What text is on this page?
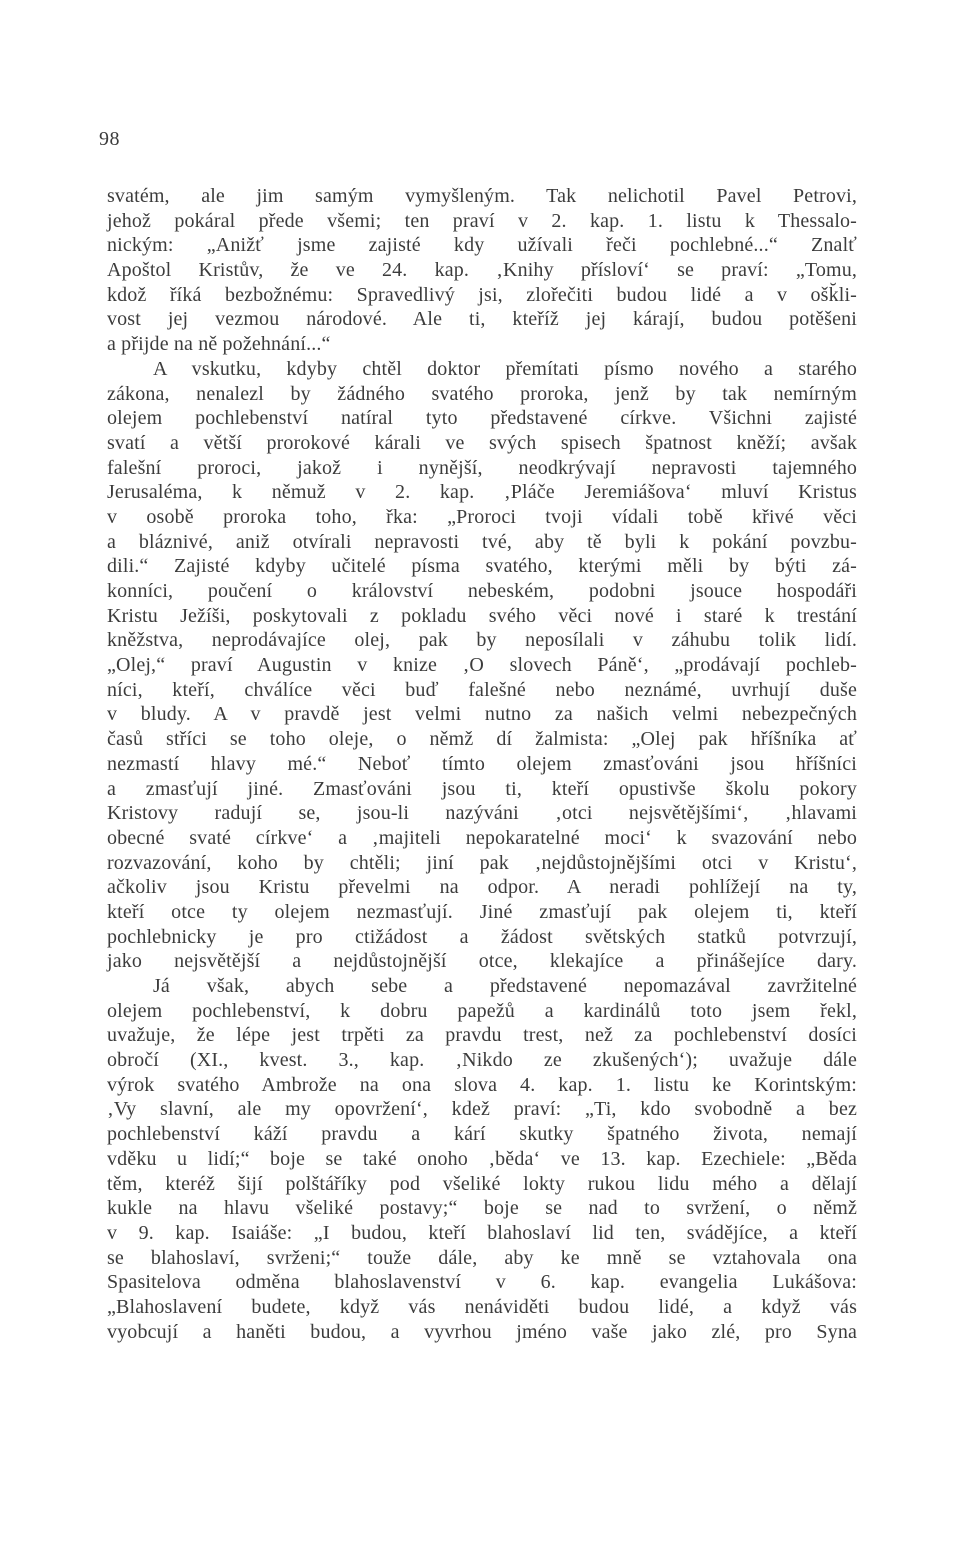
98
svatém, ale jim samým vymyšleným. Tak nelichotil Pavel Petrovi,
jehož pokáral přede všemi; ten praví v 2. kap. 1. listu k Thessalo-
nickým: „Anižť jsme zajisté kdy užívali řeči pochlebné...“ Znalť
Apoštol Kristův, že ve 24. kap. ‚Knihy přísloví‘ se praví: „Tomu,
kdož říká bezbožnému: Spravedlivý jsi, zlořečiti budou lidé a v ošk̆li-
vost jej vezmou národové. Ale ti, kteříž jej kárají, budou potěšeni
a přijde na ně požehnání...“
A vskutku, kdyby chtěl doktor přemítati písmo nového a starého
zákona, nenalezl by žádného svatého proroka, jenž by tak nemírným
olejem pochlebenství natíral tyto představené církve. Všichni zajisté
svatí a větší prorokové kárali ve svých spisech špatnost kněží; avšak
falešní proroci, jakož i nynější, neodkrývají nepravosti tajemného
Jerusaléma, k němuž v 2. kap. ‚Pláče Jeremiášova‘ mluví Kristus
v osobě proroka toho, řka: „Proroci tvoji vídali tobě křivé věci
a bláznivé, aniž otvírali nepravosti tvé, aby tě byli k pokání povzbu-
dili.“ Zajisté kdyby učitelé písma svatého, kterými měli by býti zá-
konníci, poučení o království nebeském, podobni jsouce hospodáři
Kristu Ježíši, poskytovali z pokladu svého věci nové i staré k trestání
kněžstva, neprodávajíce olej, pak by neposílali v záhubu tolik lidí.
„Olej,“ praví Augustin v knize ‚O slovech Páně‘, „prodávají pochleb-
níci, kteří, chválíce věci buď falešné nebo neznámé, uvrhují duše
v bludy. A v pravdě jest velmi nutno za našich velmi nebezpečných
časů stříci se toho oleje, o němž dí žalmista: „Olej pak hříšníka ať
nezmastí hlavy mé.“ Neboť tímto olejem zmasťováni jsou hříšníci
a zmasťují jiné. Zmasťováni jsou ti, kteří opustivše školu pokory
Kristovy radují se, jsou-li nazýváni ‚otci nejsvětějšími‘, ‚hlavami
obecné svaté církve‘ a ‚majiteli nepokaratelné moci‘ k svazování nebo
rozvazování, koho by chtěli; jiní pak ‚nejdůstojnějšími otci v Kristu‘,
ačkoliv jsou Kristu převelmi na odpor. A neradi pohlížejí na ty,
kteří otce ty olejem nezmasťují. Jiné zmasťují pak olejem ti, kteří
pochlebnicky je pro ctižádost a žádost světských statků potvrzují,
jako nejsvětější a nejdůstojnější otce, klekajíce a přinášejíce dary.
Já však, abych sebe a představené nepomazával zavržitelné
olejem pochlebenství, k dobru papežů a kardinálů toto jsem řekl,
uvažuje, že lépe jest trpěti za pravdu trest, než za pochlebenství dosíci
obročí (XI., kvest. 3., kap. ‚Nikdo ze zkušených‘); uvažuje dále
výrok svatého Ambrože na ona slova 4. kap. 1. listu ke Korintským:
‚Vy slavní, ale my opovržení‘, kdež praví: „Ti, kdo svobodně a bez
pochlebenství káží pravdu a kárí skutky špatného života, nemají
vděku u lidí;“ boje se také onoho ‚běda‘ ve 13. kap. Ezechiele: „Běda
těm, kteréž šijí polštáříky pod všeliké lokty rukou lidu mého a dělají
kukle na hlavu všeliké postavy;“ boje se nad to svržení, o němž
v 9. kap. Isaiáše: „I budou, kteří blahoslaví lid ten, svádějíce, a kteří
se blahoslaví, svrženi;“ touže dále, aby ke mně se vztahovala ona
Spasitelova odměna blahoslavenství v 6. kap. evangelia Lukášova:
„Blahoslavení budete, když vás nenáviděti budou lidé, a když vás
vyobcují a haněti budou, a vyvrhou jméno vaše jako zlé, pro Syna
